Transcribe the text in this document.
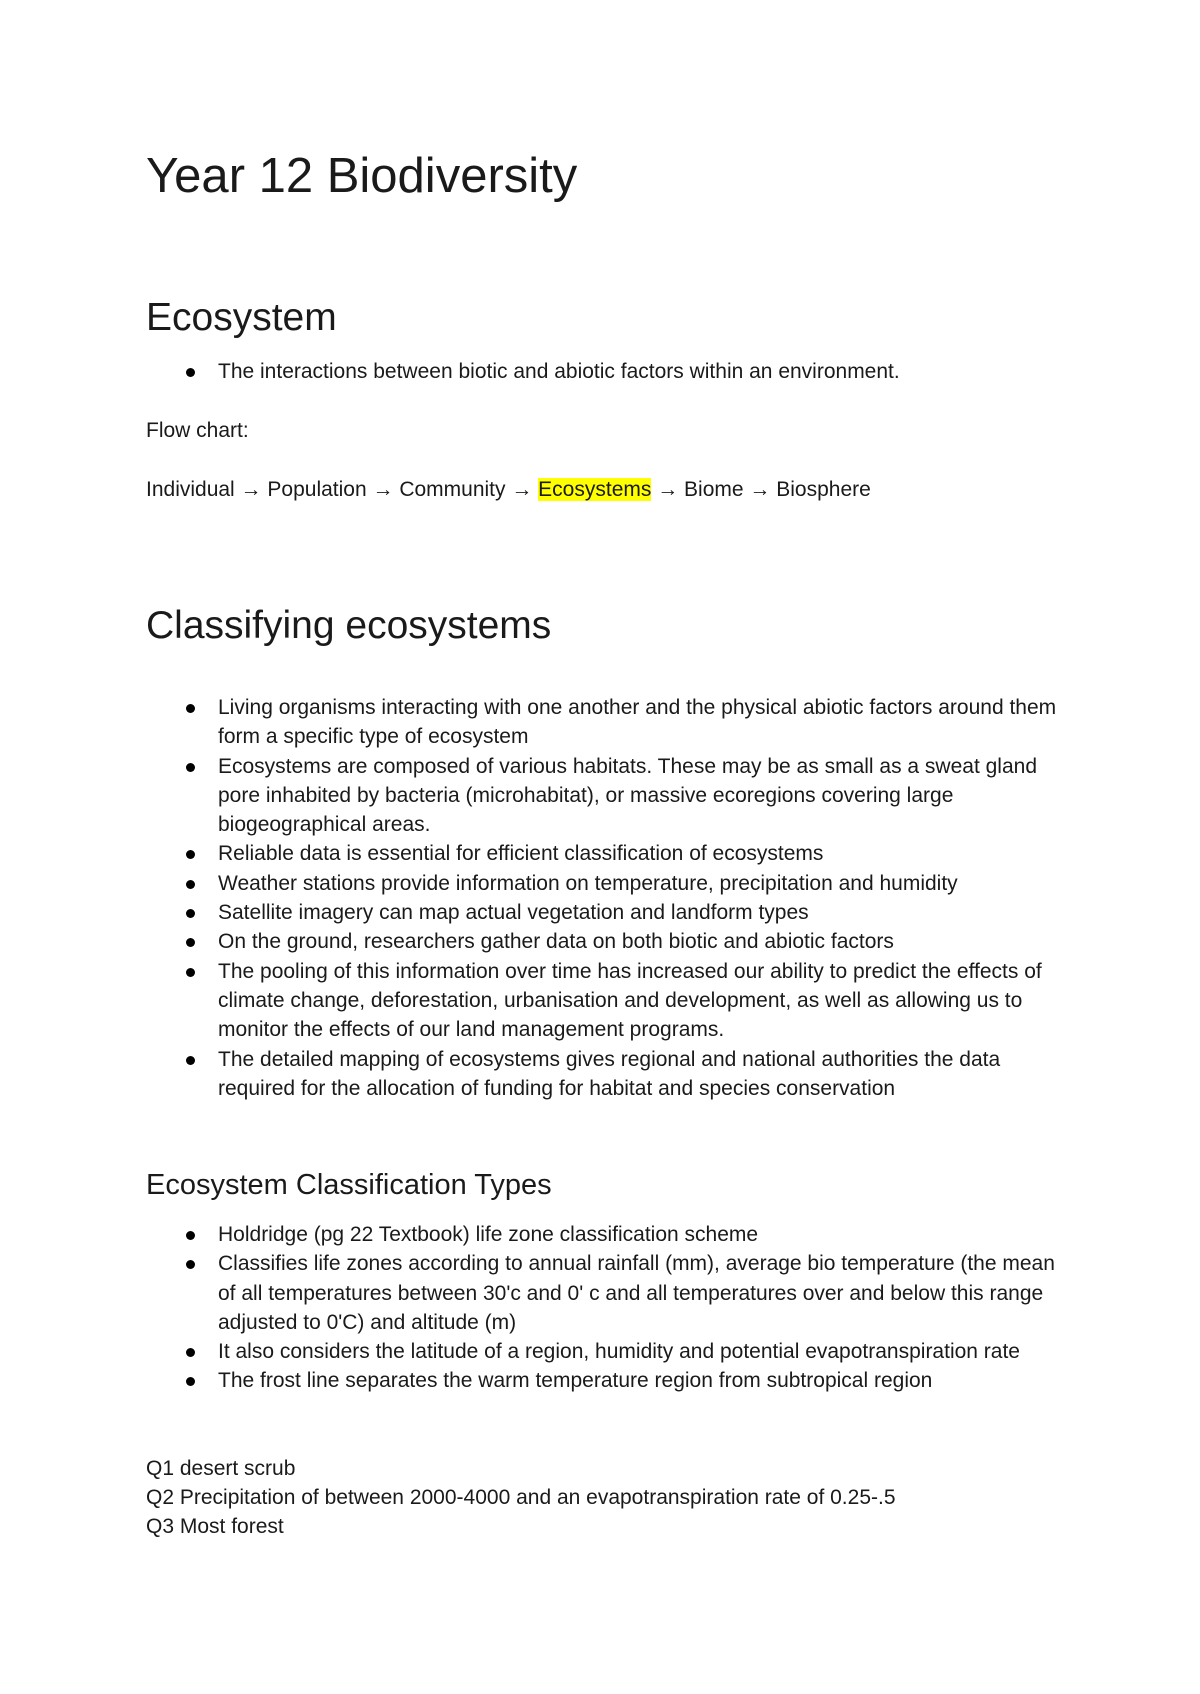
Year 12 Biodiversity
Ecosystem
The interactions between biotic and abiotic factors within an environment.

Flow chart:

Individual → Population → Community → Ecosystems → Biome → Biosphere

Classifying ecosystems
Living organisms interacting with one another and the physical abiotic factors around them form a specific type of ecosystem
Ecosystems are composed of various habitats. These may be as small as a sweat gland pore inhabited by bacteria (microhabitat), or massive ecoregions covering large biogeographical areas.
Reliable data is essential for efficient classification of ecosystems
Weather stations provide information on temperature, precipitation and humidity
Satellite imagery can map actual vegetation and landform types
On the ground, researchers gather data on both biotic and abiotic factors
The pooling of this information over time has increased our ability to predict the effects of climate change, deforestation, urbanisation and development, as well as allowing us to monitor the effects of our land management programs.
The detailed mapping of ecosystems gives regional and national authorities the data required for the allocation of funding for habitat and species conservation
Ecosystem Classification Types
Holdridge (pg 22 Textbook) life zone classification scheme
Classifies life zones according to annual rainfall (mm), average bio temperature (the mean of all temperatures between 30'c and 0' c and all temperatures over and below this range adjusted to 0'C) and altitude (m)
It also considers the latitude of a region, humidity and potential evapotranspiration rate
The frost line separates the warm temperature region from subtropical region

Q1 desert scrub

Q2 Precipitation of between 2000-4000 and an evapotranspiration rate of 0.25-.5

Q3 Most forest
